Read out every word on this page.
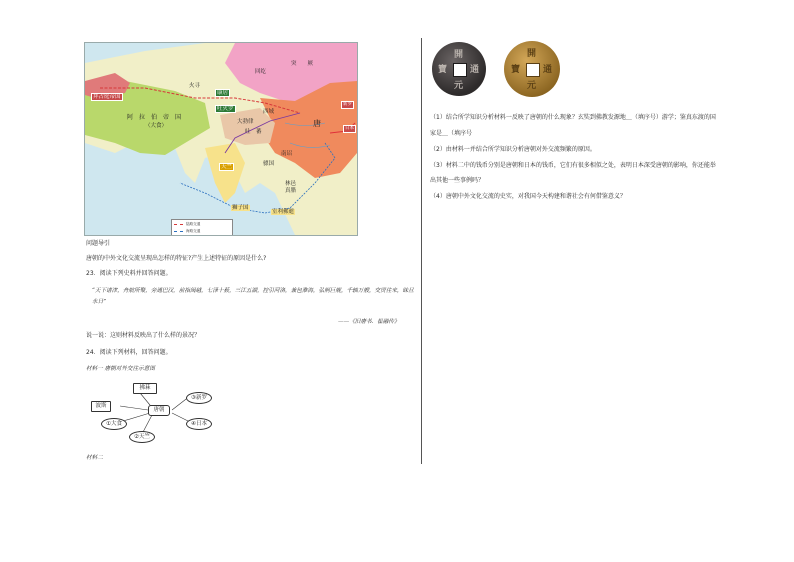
突　　厥
回纥
唐
吐　蕃
阿　拉　伯　帝　国
（大食）
天竺
狮子国
林邑
真腊
骠国
室利佛逝
南诏
火寻
拜占庭帝国
吐火罗
康居
大勃律
西域
新罗
日本
陆路交通
海路交通
问题导引
唐朝的中外文化交流呈现出怎样的特征?产生上述特征的原因是什么?
23．阅读下列史料并回答问题。
“天下诸津，舟航所聚，旁通巴汉，前指闽越，七泽十薮，三江五湖，控引河洛，兼包淮海，弘舸巨舰，千轴万艘，交贸往来，昧旦永日”
——《旧唐书．崔融传》
说一说：这则材料反映出了什么样的景况？
24．阅读下列材料，回答问题。
材料一 唐朝对外交往示意图
拂菻
波斯
唐朝
①大食
②天竺
③新罗
④日本
材料二
開
元
通
寶
開
元
通
寶
（1）结合所学知识分析材料一反映了唐朝的什么现象？玄奘到佛教发源地＿（填序号）游学；鉴真东渡的国
家是＿（填序号
（2）由材料一并结合所学知识分析唐朝对外交流频繁的原因。
（3）材料二中的钱币分别是唐朝和日本的钱币，它们有很多相似之处，表明日本深受唐朝的影响，你还能举
出其他一些事例吗？
（4）唐朝中外文化交流的史实，对我国今天构建和谐社会有何借鉴意义？
